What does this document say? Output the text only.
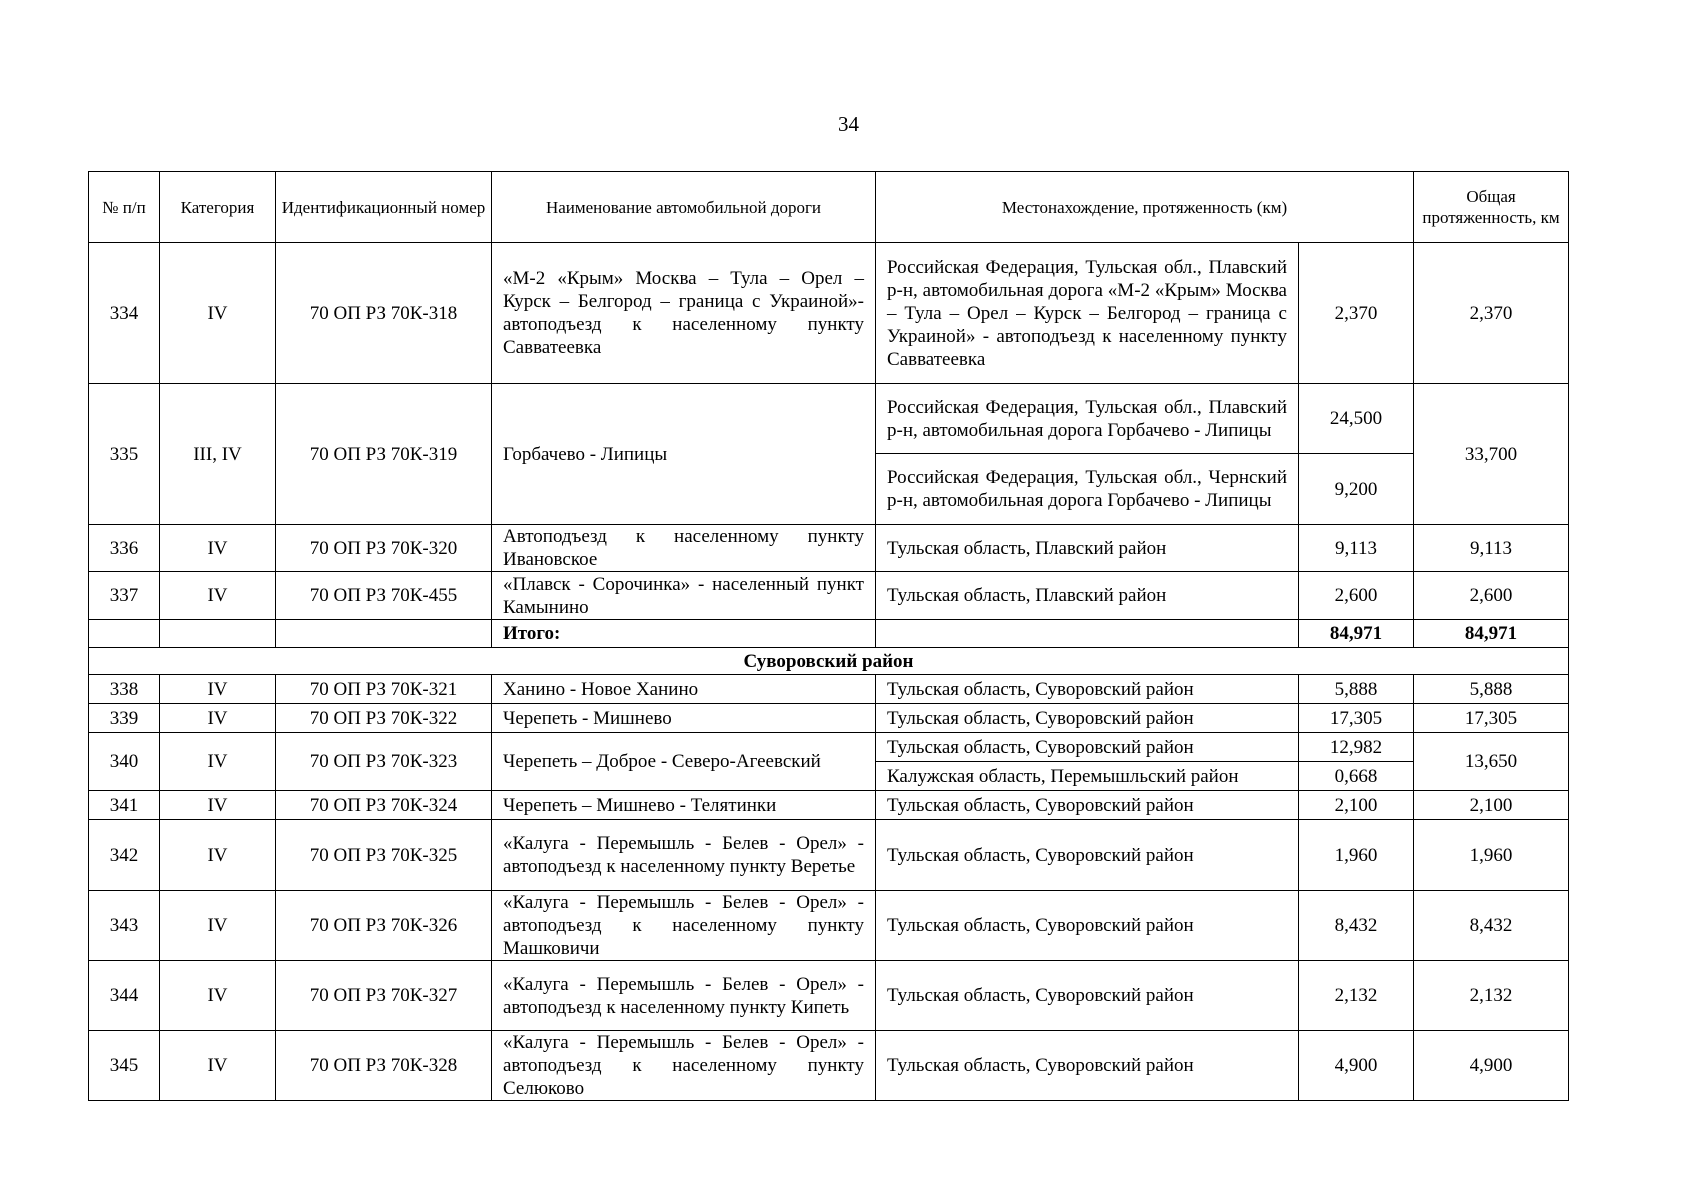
34
№ п/п	Категория	Идентификационный номер	Наименование автомобильной дороги	Местонахождение, протяженность (км)		Общая протяженность, км
334	IV	70 ОП РЗ 70К-318	«М-2 «Крым» Москва – Тула – Орел – Курск – Белгород – граница с Украиной»-автоподъезд к населенному пункту Савватеевка	Российская Федерация, Тульская обл., Плавский р-н, автомобильная дорога «М-2 «Крым» Москва – Тула – Орел – Курск – Белгород – граница с Украиной» - автоподъезд к населенному пункту Савватеевка	2,370	2,370
335	III, IV	70 ОП РЗ 70К-319	Горбачево - Липицы	Российская Федерация, Тульская обл., Плавский р-н, автомобильная дорога Горбачево - Липицы	24,500	33,700
				Российская Федерация, Тульская обл., Чернский р-н, автомобильная дорога Горбачево - Липицы	9,200	
336	IV	70 ОП РЗ 70К-320	Автоподъезд к населенному пункту Ивановское	Тульская область, Плавский район	9,113	9,113
337	IV	70 ОП РЗ 70К-455	«Плавск - Сорочинка» - населенный пункт Камынино	Тульская область, Плавский район	2,600	2,600
			Итого:		84,971	84,971
Суворовский район						
338	IV	70 ОП РЗ 70К-321	Ханино - Новое Ханино	Тульская область, Суворовский район	5,888	5,888
339	IV	70 ОП РЗ 70К-322	Черепеть - Мишнево	Тульская область, Суворовский район	17,305	17,305
340	IV	70 ОП РЗ 70К-323	Черепеть – Доброе - Северо-Агеевский	Тульская область, Суворовский район	12,982	13,650
				Калужская область, Перемышльский район	0,668	
341	IV	70 ОП РЗ 70К-324	Черепеть – Мишнево - Телятинки	Тульская область, Суворовский район	2,100	2,100
342	IV	70 ОП РЗ 70К-325	«Калуга - Перемышль - Белев - Орел» - автоподъезд к населенному пункту Веретье	Тульская область, Суворовский район	1,960	1,960
343	IV	70 ОП РЗ 70К-326	«Калуга - Перемышль - Белев - Орел» - автоподъезд к населенному пункту Машковичи	Тульская область, Суворовский район	8,432	8,432
344	IV	70 ОП РЗ 70К-327	«Калуга - Перемышль - Белев - Орел» - автоподъезд к населенному пункту Кипеть	Тульская область, Суворовский район	2,132	2,132
345	IV	70 ОП РЗ 70К-328	«Калуга - Перемышль - Белев - Орел» - автоподъезд к населенному пункту Селюково	Тульская область, Суворовский район	4,900	4,900
